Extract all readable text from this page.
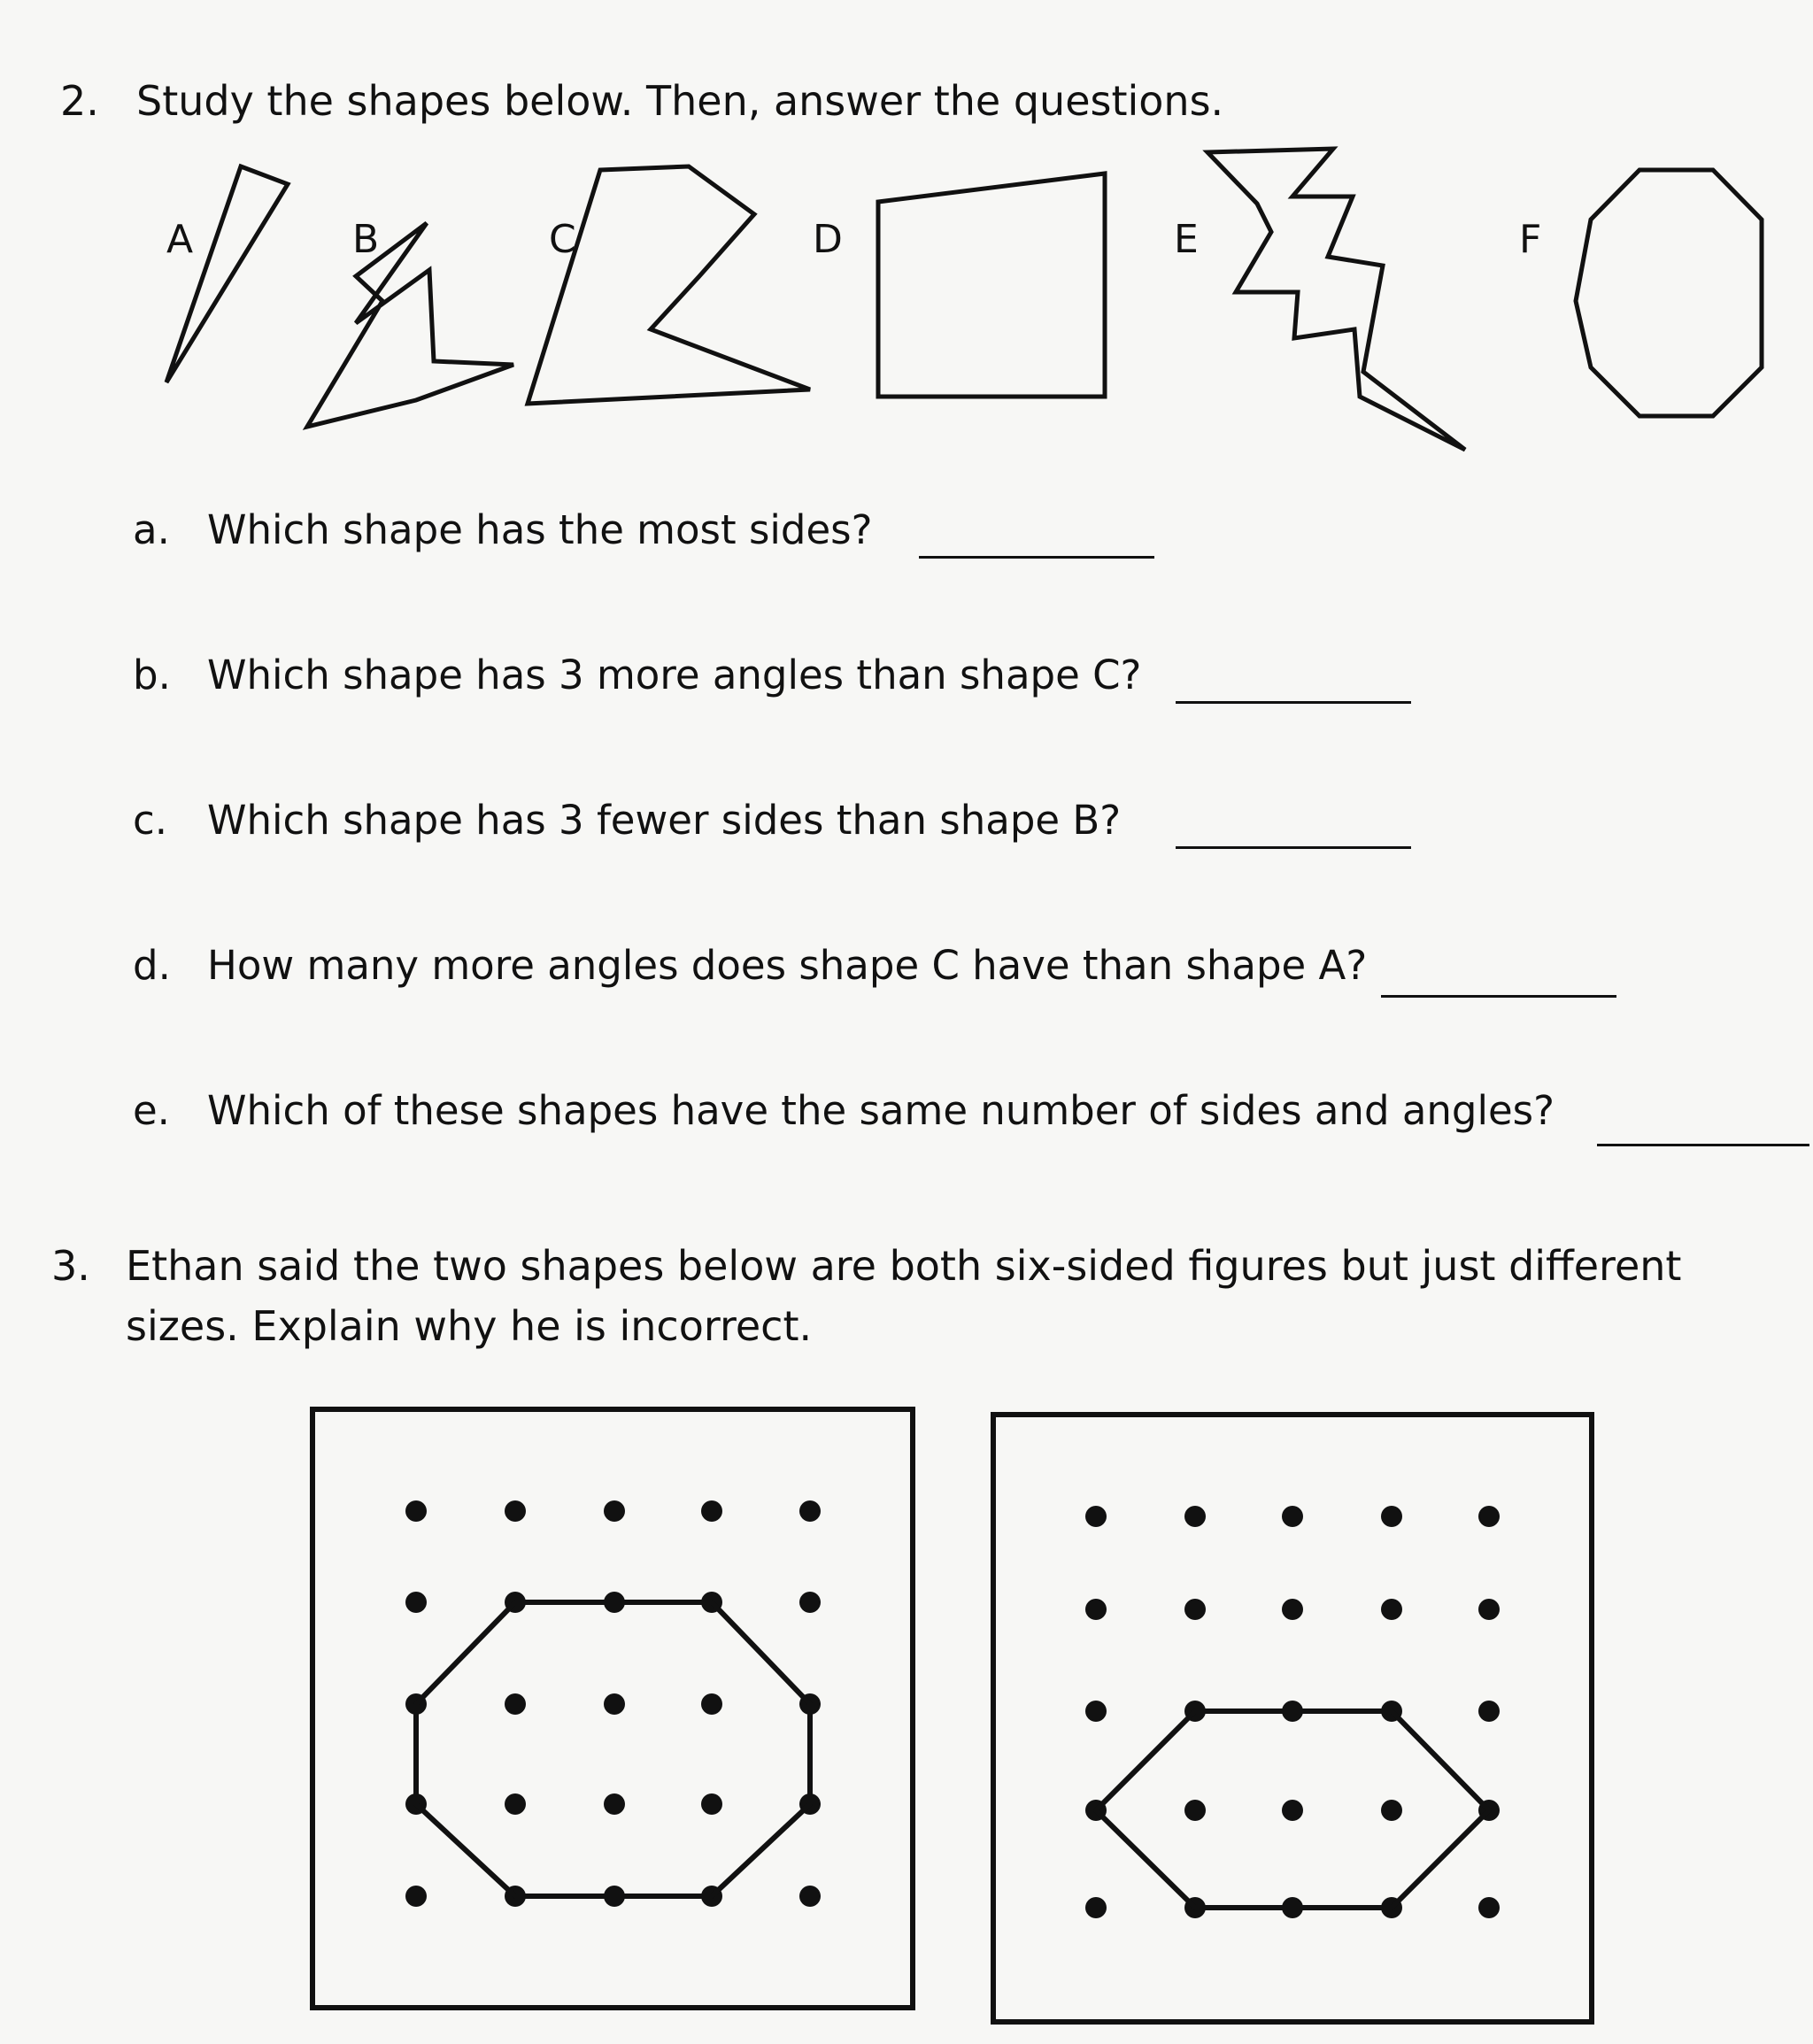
2. Study the shapes below. Then, answer the questions.
A	B	C	D	E	F
a. Which shape has the most sides?
b. Which shape has 3 more angles than shape C?
c. Which shape has 3 fewer sides than shape B?
d. How many more angles does shape C have than shape A?
e. Which of these shapes have the same number of sides and angles?
3. Ethan said the two shapes below are both six-sided figures but just different
sizes. Explain why he is incorrect.
